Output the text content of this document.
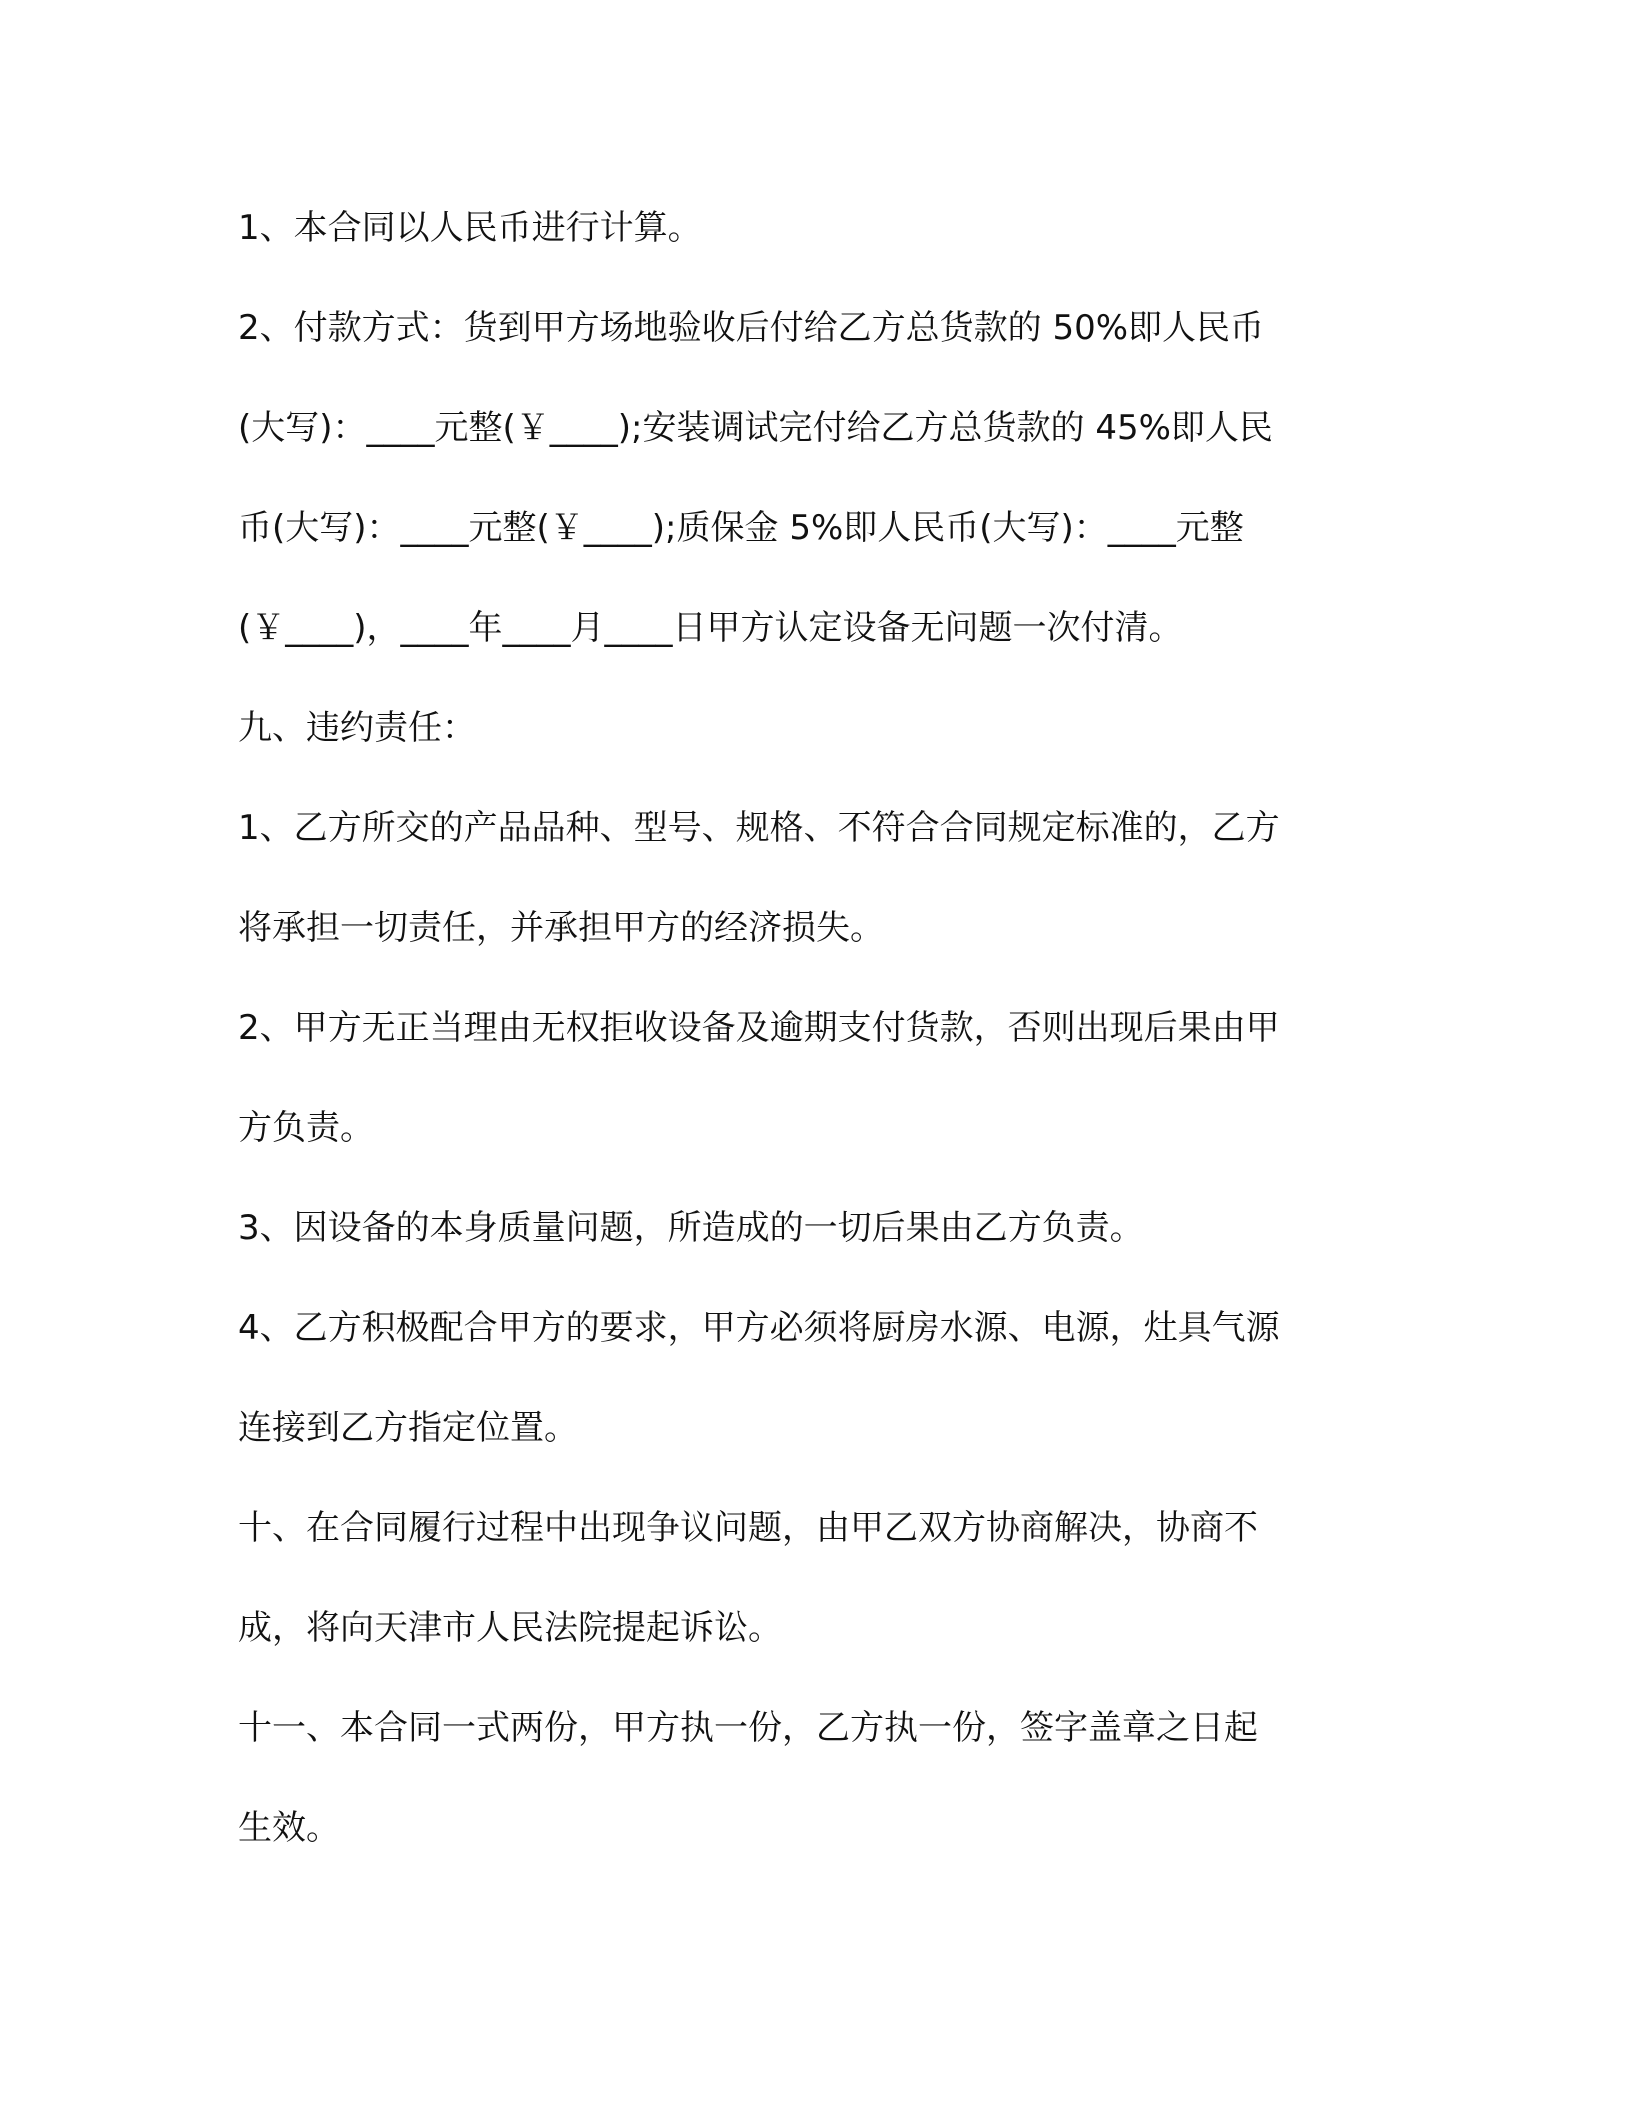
1、本合同以人民币进行计算。
2、付款方式：货到甲方场地验收后付给乙方总货款的 50%即人民币
(大写)：____元整(￥____);安装调试完付给乙方总货款的 45%即人民
币(大写)：____元整(￥____);质保金 5%即人民币(大写)：____元整
(￥____)，____年____月____日甲方认定设备无问题一次付清。
九、违约责任：
1、乙方所交的产品品种、型号、规格、不符合合同规定标准的，乙方
将承担一切责任，并承担甲方的经济损失。
2、甲方无正当理由无权拒收设备及逾期支付货款，否则出现后果由甲
方负责。
3、因设备的本身质量问题，所造成的一切后果由乙方负责。
4、乙方积极配合甲方的要求，甲方必须将厨房水源、电源，灶具气源
连接到乙方指定位置。
十、在合同履行过程中出现争议问题，由甲乙双方协商解决，协商不
成，将向天津市人民法院提起诉讼。
十一、本合同一式两份，甲方执一份，乙方执一份，签字盖章之日起
生效。
